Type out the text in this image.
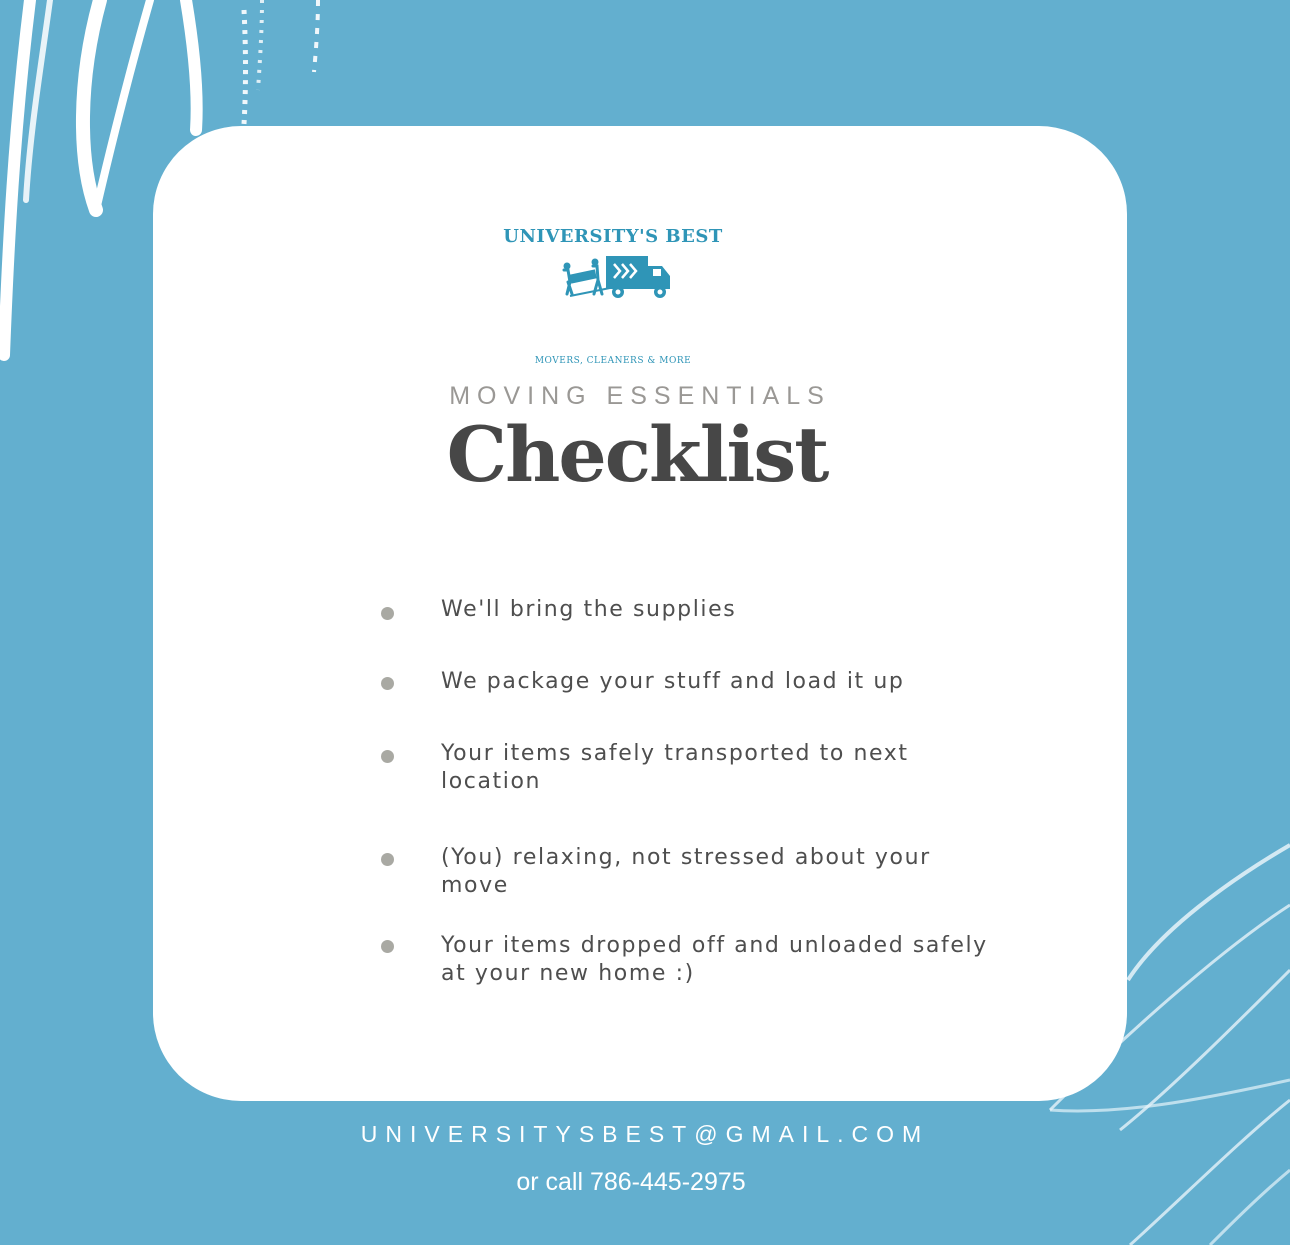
UNIVERSITY'S BEST
MOVERS, CLEANERS & MORE
MOVING ESSENTIALS
Checklist
We'll bring the supplies
We package your stuff and load it up
Your items safely transported to next location
(You) relaxing, not stressed about your move
Your items dropped off and unloaded safely at your new home :)
UNIVERSITYSBEST@GMAIL.COM
or call 786-445-2975
